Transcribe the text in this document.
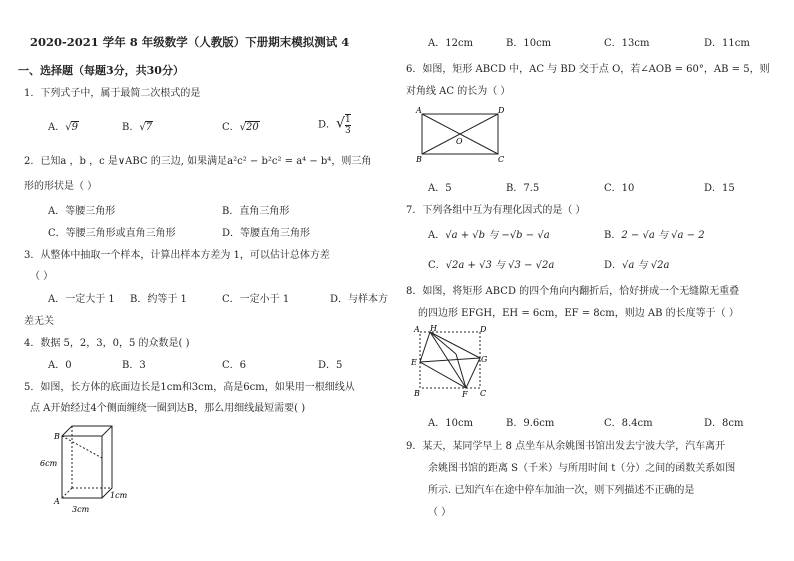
2020-2021 学年 8 年级数学（人教版）下册期末模拟测试 4
一、选择题（每题3分，共30分）
1．下列式子中，属于最简二次根式的是
A．√9	B．√7	C．√20	D．√ $\frac{1}{3}$
2．已知a ，b ，c 是∨ABC 的三边, 如果满足a²c² − b²c² = a⁴ − b⁴，则三角
形的形状是（ ）
A．等腰三角形	B．直角三角形
C．等腰三角形或直角三角形	D．等腰直角三角形
3．从整体中抽取一个样本，计算出样本方差为 1，可以估计总体方差
（ ）
A．一定大于 1 B．约等于 1	C．一定小于 1	D．与样本方
差无关
4．数据 5，2，3，0，5 的众数是( )
A．0	B．3	C．6	D．5
5．如图，长方体的底面边长是1cm和3cm，高是6cm，如果用一根细线从
点 A开始经过4个侧面缠绕一圈到达B，那么用细线最短需要( )
B
A
6cm
3cm
1cm
A．12cm	B．10cm	C．13cm	D．11cm
6．如图，矩形 ABCD 中，AC 与 BD 交于点 O，若∠AOB = 60°，AB = 5，则
对角线 AC 的长为（ ）
A	D
B	C
O
A．5	B．7.5	C．10	D．15
7．下列各组中互为有理化因式的是（ ）
A．√a + √b 与 −√b − √a	B．2 − √a 与 √a − 2
C．√2a + √3 与 √3 − √2a	D．√a 与 √2a
8．如图，将矩形 ABCD 的四个角向内翻折后，恰好拼成一个无缝隙无重叠
的四边形 EFGH，EH = 6cm，EF = 8cm，则边 AB 的长度等于（ ）
A H	D
E	G
B	F C
A．10cm	B．9.6cm	C．8.4cm	D．8cm
9．某天，某同学早上 8 点坐车从余姚图书馆出发去宁波大学，汽车离开
余姚图书馆的距离 S（千米）与所用时间 t（分）之间的函数关系如图
所示. 已知汽车在途中停车加油一次，则下列描述不正确的是
（ ）
